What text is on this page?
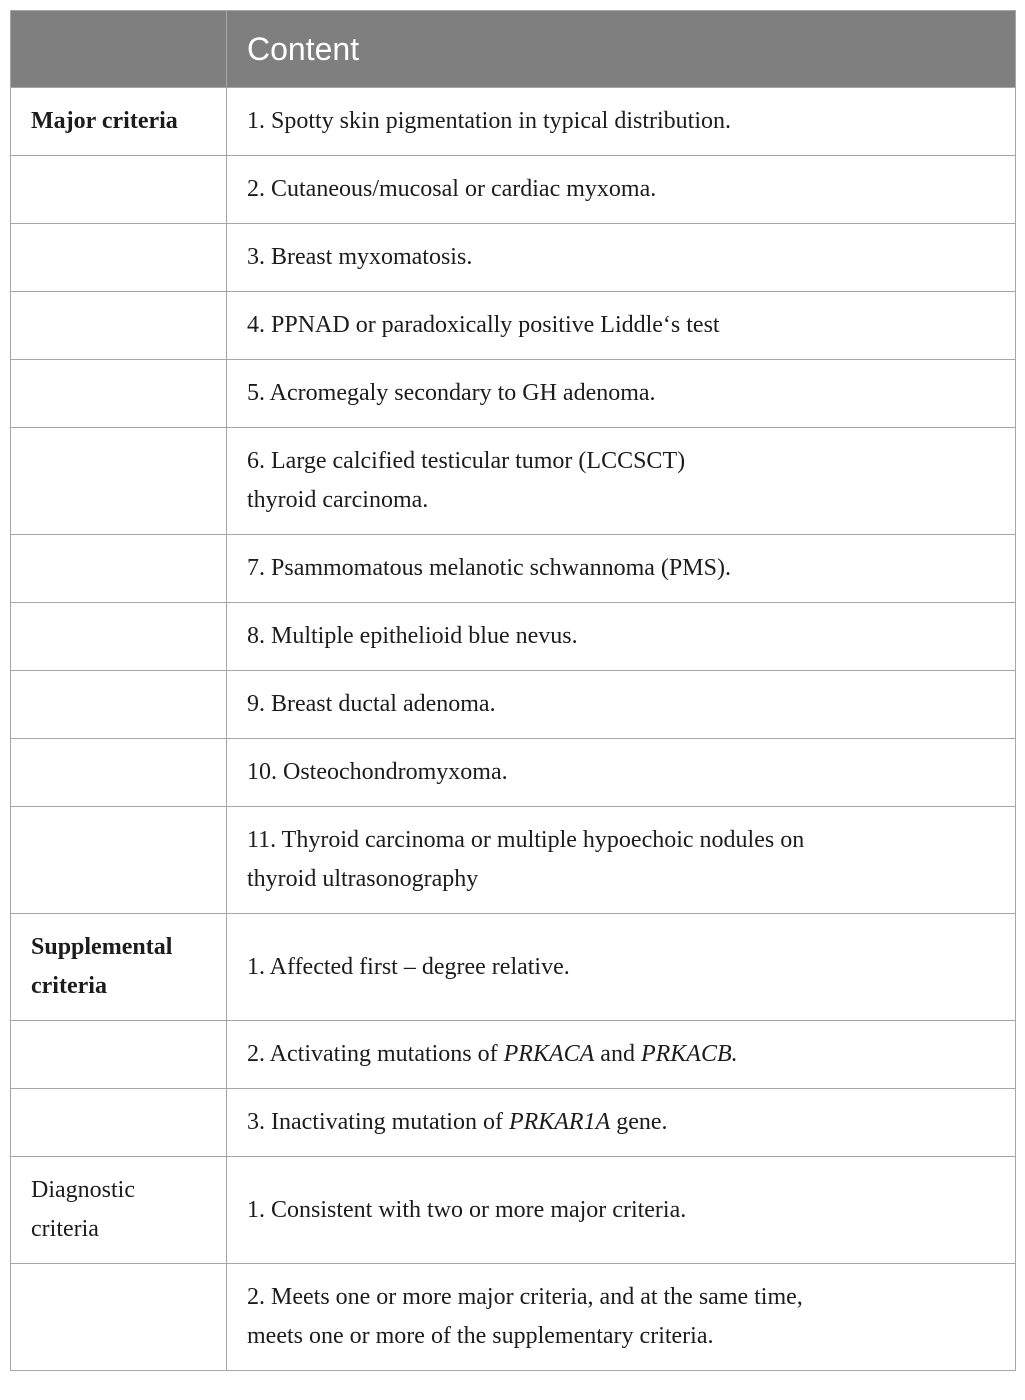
	Content
Major criteria	1. Spotty skin pigmentation in typical distribution.
	2. Cutaneous/mucosal or cardiac myxoma.
	3. Breast myxomatosis.
	4. PPNAD or paradoxically positive Liddle‘s test
	5. Acromegaly secondary to GH adenoma.
	6. Large calcified testicular tumor (LCCSCT)
thyroid carcinoma.
	7. Psammomatous melanotic schwannoma (PMS).
	8. Multiple epithelioid blue nevus.
	9. Breast ductal adenoma.
	10. Osteochondromyxoma.
	11. Thyroid carcinoma or multiple hypoechoic nodules on
thyroid ultrasonography
Supplemental
criteria	1. Affected first – degree relative.
	2. Activating mutations of PRKACA and PRKACB.
	3. Inactivating mutation of PRKAR1A gene.
Diagnostic
criteria	1. Consistent with two or more major criteria.
	2. Meets one or more major criteria, and at the same time,
meets one or more of the supplementary criteria.
